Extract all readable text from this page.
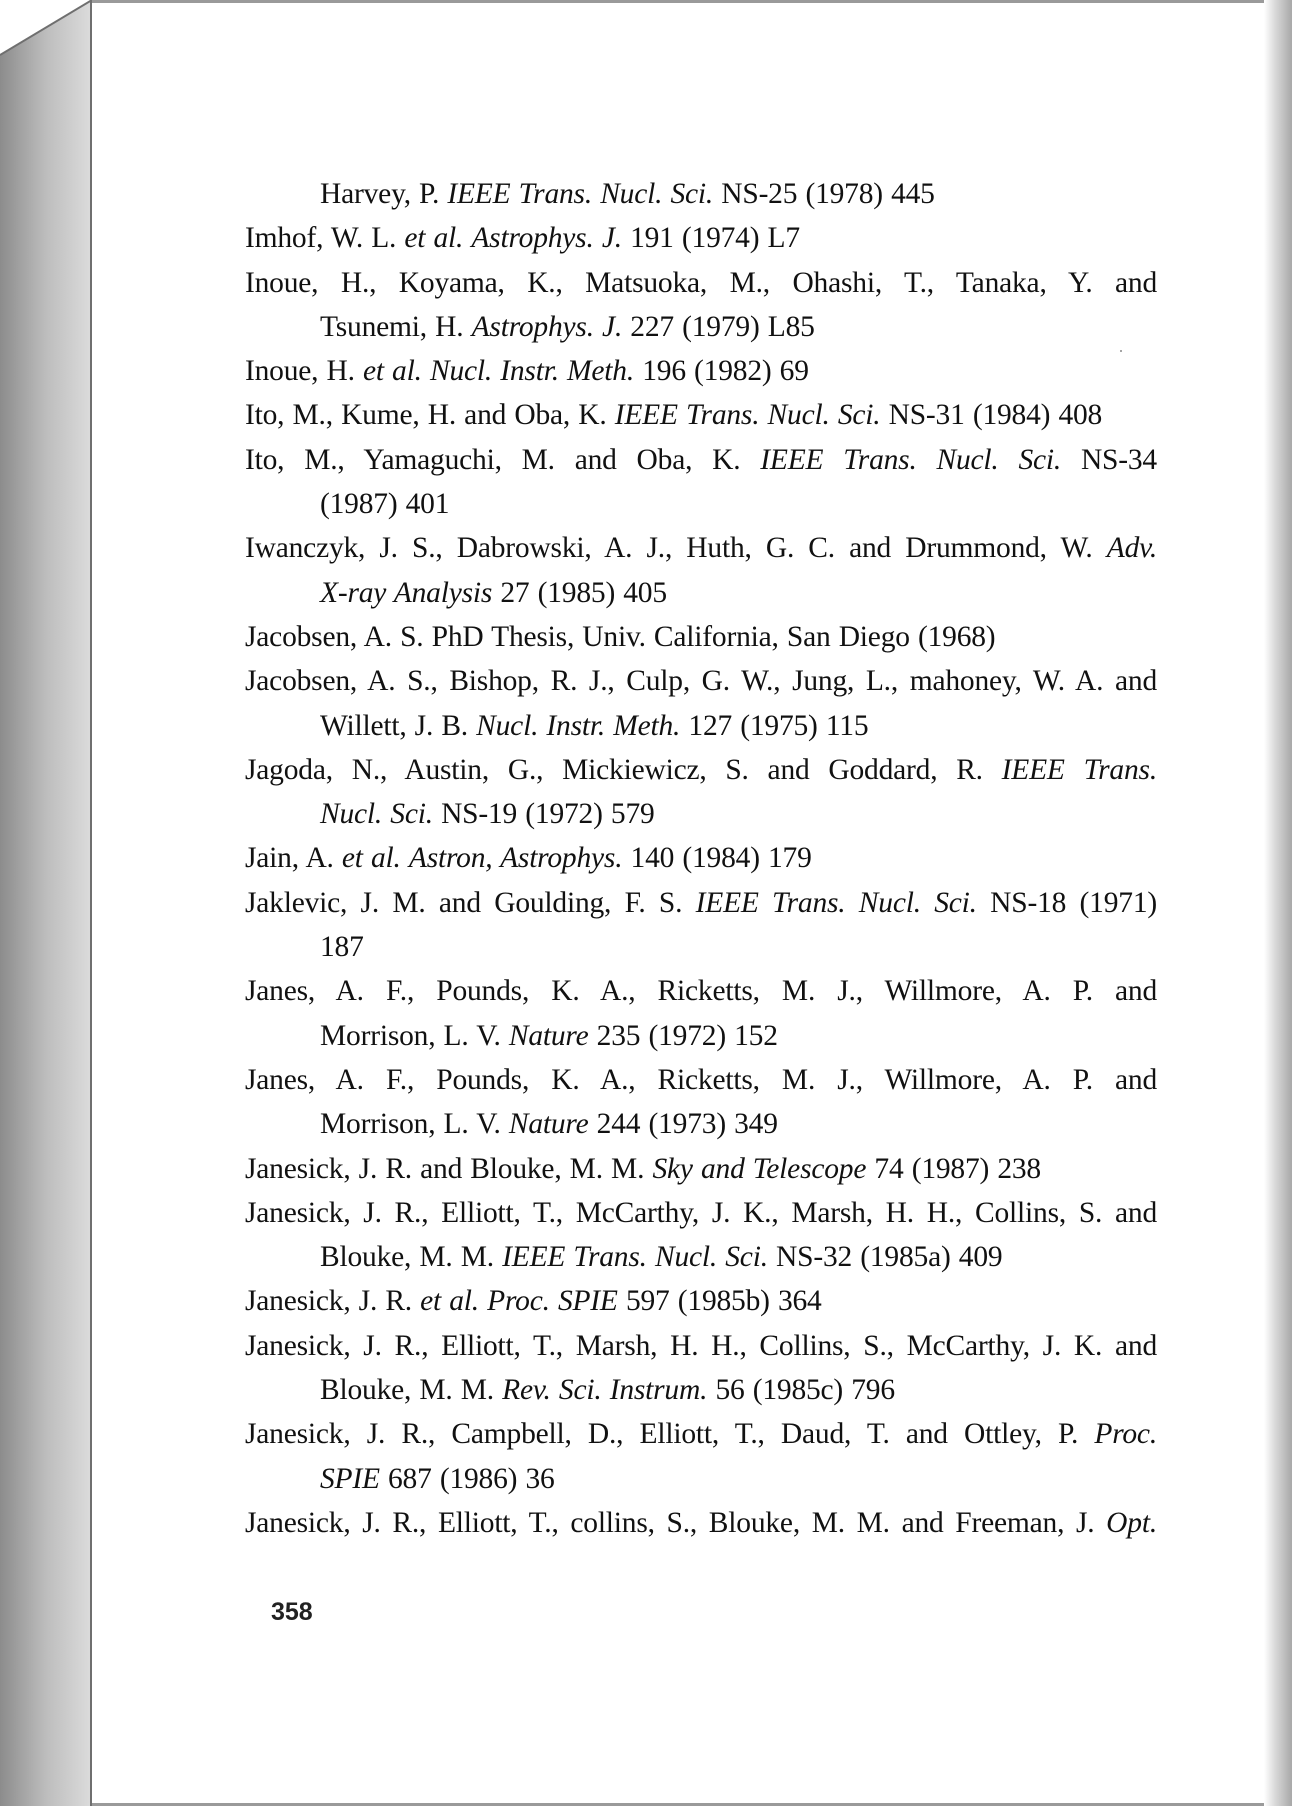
Harvey, P. IEEE Trans. Nucl. Sci. NS-25 (1978) 445
Imhof, W. L. et al. Astrophys. J. 191 (1974) L7
Inoue, H., Koyama, K., Matsuoka, M., Ohashi, T., Tanaka, Y. and
Tsunemi, H. Astrophys. J. 227 (1979) L85
Inoue, H. et al. Nucl. Instr. Meth. 196 (1982) 69
Ito, M., Kume, H. and Oba, K. IEEE Trans. Nucl. Sci. NS-31 (1984) 408
Ito, M., Yamaguchi, M. and Oba, K. IEEE Trans. Nucl. Sci. NS-34
(1987) 401
Iwanczyk, J. S., Dabrowski, A. J., Huth, G. C. and Drummond, W. Adv.
X-ray Analysis 27 (1985) 405
Jacobsen, A. S. PhD Thesis, Univ. California, San Diego (1968)
Jacobsen, A. S., Bishop, R. J., Culp, G. W., Jung, L., mahoney, W. A. and
Willett, J. B. Nucl. Instr. Meth. 127 (1975) 115
Jagoda, N., Austin, G., Mickiewicz, S. and Goddard, R. IEEE Trans.
Nucl. Sci. NS-19 (1972) 579
Jain, A. et al. Astron, Astrophys. 140 (1984) 179
Jaklevic, J. M. and Goulding, F. S. IEEE Trans. Nucl. Sci. NS-18 (1971)
187
Janes, A. F., Pounds, K. A., Ricketts, M. J., Willmore, A. P. and
Morrison, L. V. Nature 235 (1972) 152
Janes, A. F., Pounds, K. A., Ricketts, M. J., Willmore, A. P. and
Morrison, L. V. Nature 244 (1973) 349
Janesick, J. R. and Blouke, M. M. Sky and Telescope 74 (1987) 238
Janesick, J. R., Elliott, T., McCarthy, J. K., Marsh, H. H., Collins, S. and
Blouke, M. M. IEEE Trans. Nucl. Sci. NS-32 (1985a) 409
Janesick, J. R. et al. Proc. SPIE 597 (1985b) 364
Janesick, J. R., Elliott, T., Marsh, H. H., Collins, S., McCarthy, J. K. and
Blouke, M. M. Rev. Sci. Instrum. 56 (1985c) 796
Janesick, J. R., Campbell, D., Elliott, T., Daud, T. and Ottley, P. Proc.
SPIE 687 (1986) 36
Janesick, J. R., Elliott, T., collins, S., Blouke, M. M. and Freeman, J. Opt.
358
